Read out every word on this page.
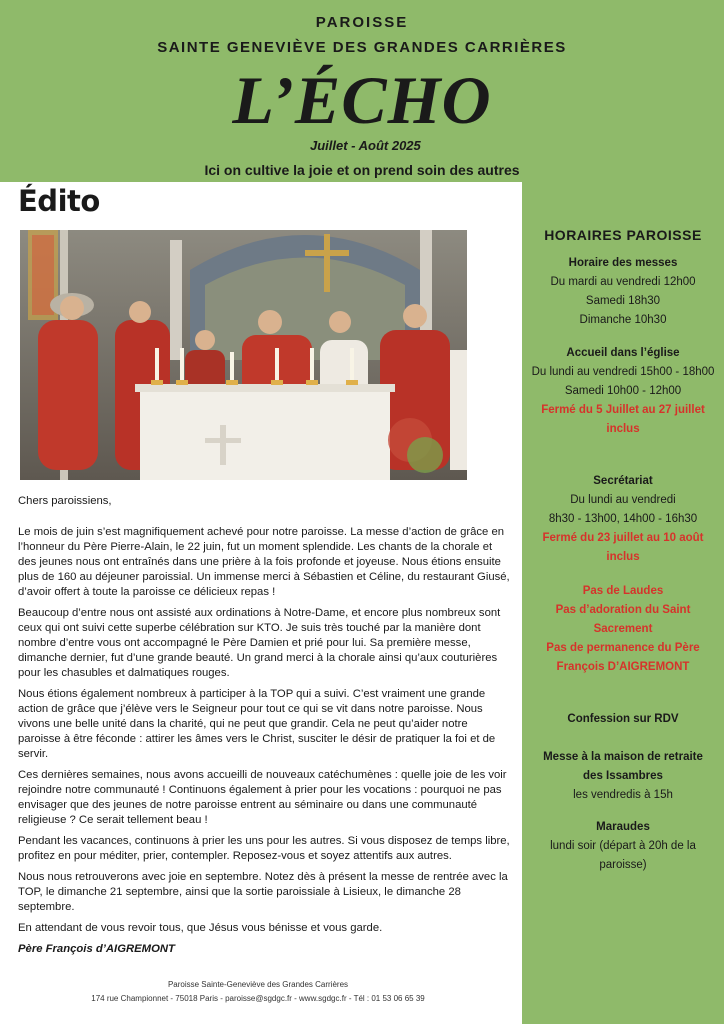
PAROISSE
SAINTE GENEVIÈVE DES GRANDES CARRIÈRES
L’ÉCHO
Juillet - Août 2025
Ici on cultive la joie et on prend soin des autres
Édito

Chers paroissiens,

Le mois de juin s’est magnifiquement achevé pour notre paroisse. La messe d’action de grâce en l’honneur du Père Pierre-Alain, le 22 juin, fut un moment splendide. Les chants de la chorale et des jeunes nous ont entraînés dans une prière à la fois profonde et joyeuse. Nous étions ensuite plus de 160 au déjeuner paroissial. Un immense merci à Sébastien et Céline, du restaurant Giusé, d’avoir offert à toute la paroisse ce délicieux repas !

Beaucoup d’entre nous ont assisté aux ordinations à Notre-Dame, et encore plus nombreux sont ceux qui ont suivi cette superbe célébration sur KTO. Je suis très touché par la manière dont nombre d’entre vous ont accompagné le Père Damien et prié pour lui. Sa première messe, dimanche dernier, fut d’une grande beauté. Un grand merci à la chorale ainsi qu’aux couturières pour les chasubles et dalmatiques rouges.

Nous étions également nombreux à participer à la TOP qui a suivi. C’est vraiment une grande action de grâce que j’élève vers le Seigneur pour tout ce qui se vit dans notre paroisse. Nous vivons une belle unité dans la charité, qui ne peut que grandir. Cela ne peut qu’aider notre paroisse à être féconde : attirer les âmes vers le Christ, susciter le désir de pratiquer la foi et de servir.

Ces dernières semaines, nous avons accueilli de nouveaux catéchumènes : quelle joie de les voir rejoindre notre communauté ! Continuons également à prier pour les vocations : pourquoi ne pas envisager que des jeunes de notre paroisse entrent au séminaire ou dans une communauté religieuse ? Ce serait tellement beau !

Pendant les vacances, continuons à prier les uns pour les autres. Si vous disposez de temps libre, profitez en pour méditer, prier, contempler. Reposez-vous et soyez attentifs aux autres.

Nous nous retrouverons avec joie en septembre. Notez dès à présent la messe de rentrée avec la TOP, le dimanche 21 septembre, ainsi que la sortie paroissiale à Lisieux, le dimanche 28 septembre.

En attendant de vous revoir tous, que Jésus vous bénisse et vous garde.

Père François d’AIGREMONT

Paroisse Sainte-Geneviève des Grandes Carrières
174 rue Championnet - 75018 Paris - paroisse@sgdgc.fr - www.sgdgc.fr - Tél : 01 53 06 65 39
HORAIRES PAROISSE
Horaire des messes
Du mardi au vendredi 12h00
Samedi 18h30
Dimanche 10h30
Accueil dans l’église
Du lundi au vendredi 15h00 - 18h00
Samedi 10h00 - 12h00
Fermé du 5 Juillet au 27 juillet inclus
Secrétariat
Du lundi au vendredi
8h30 - 13h00, 14h00 - 16h30
Fermé du 23 juillet au 10 août inclus
Pas de Laudes
Pas d’adoration du Saint Sacrement
Pas de permanence du Père François D’AIGREMONT
Confession sur RDV
Messe à la maison de retraite des Issambres
les vendredis à 15h
Maraudes
lundi soir (départ à 20h de la paroisse)
